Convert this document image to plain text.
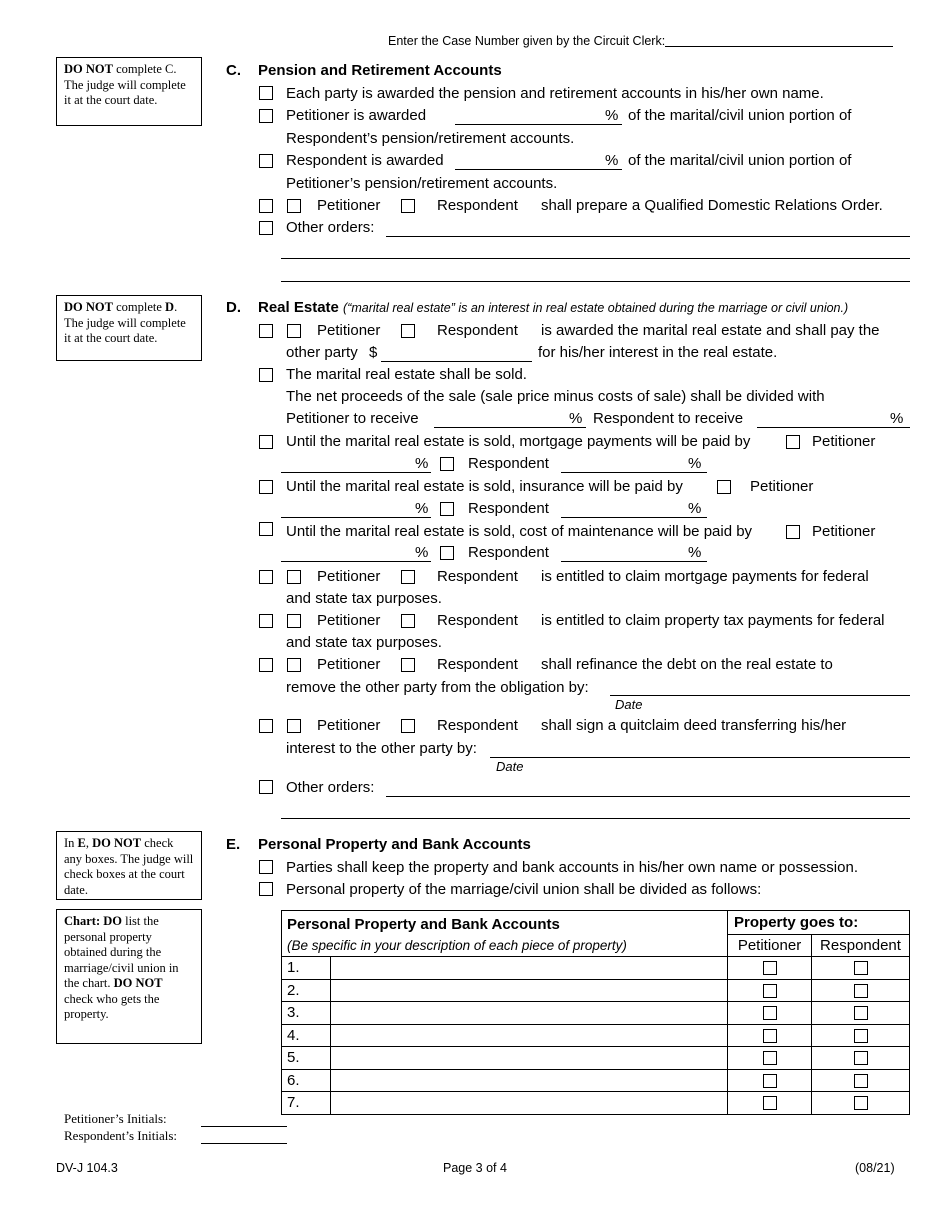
Enter the Case Number given by the Circuit Clerk:
DO NOT complete C. The judge will complete it at the court date.
DO NOT complete D. The judge will complete it at the court date.
In E, DO NOT check any boxes. The judge will check boxes at the court date.
Chart: DO list the personal property obtained during the marriage/civil union in the chart. DO NOT check who gets the property.
C. Pension and Retirement Accounts
Each party is awarded the pension and retirement accounts in his/her own name.
Petitioner is awarded	% of the marital/civil union portion of
Respondent’s pension/retirement accounts.
Respondent is awarded	% of the marital/civil union portion of
Petitioner’s pension/retirement accounts.
Petitioner	Respondent shall prepare a Qualified Domestic Relations Order.
Other orders:
D. Real Estate (“marital real estate” is an interest in real estate obtained during the marriage or civil union.)
Petitioner	Respondent is awarded the marital real estate and shall pay the
other party $	for his/her interest in the real estate.
The marital real estate shall be sold.
The net proceeds of the sale (sale price minus costs of sale) shall be divided with
Petitioner to receive	% Respondent to receive	%
Until the marital real estate is sold, mortgage payments will be paid by	Petitioner
%	Respondent	%
Until the marital real estate is sold, insurance will be paid by	Petitioner
%	Respondent	%
Until the marital real estate is sold, cost of maintenance will be paid by	Petitioner
%	Respondent	%
Petitioner	Respondent is entitled to claim mortgage payments for federal
and state tax purposes.
Petitioner	Respondent is entitled to claim property tax payments for federal
and state tax purposes.
Petitioner	Respondent shall refinance the debt on the real estate to
remove the other party from the obligation by:
Date
Petitioner	Respondent shall sign a quitclaim deed transferring his/her
interest to the other party by:
Date
Other orders:
E. Personal Property and Bank Accounts
Parties shall keep the property and bank accounts in his/her own name or possession.
Personal property of the marriage/civil union shall be divided as follows:
Personal Property and Bank Accounts		Property goes to:	
(Be specific in your description of each piece of property)		Petitioner	Respondent
1.			
2.			
3.			
4.			
5.			
6.			
7.			
Petitioner’s Initials:
Respondent’s Initials:
DV-J 104.3	Page 3 of 4	(08/21)
